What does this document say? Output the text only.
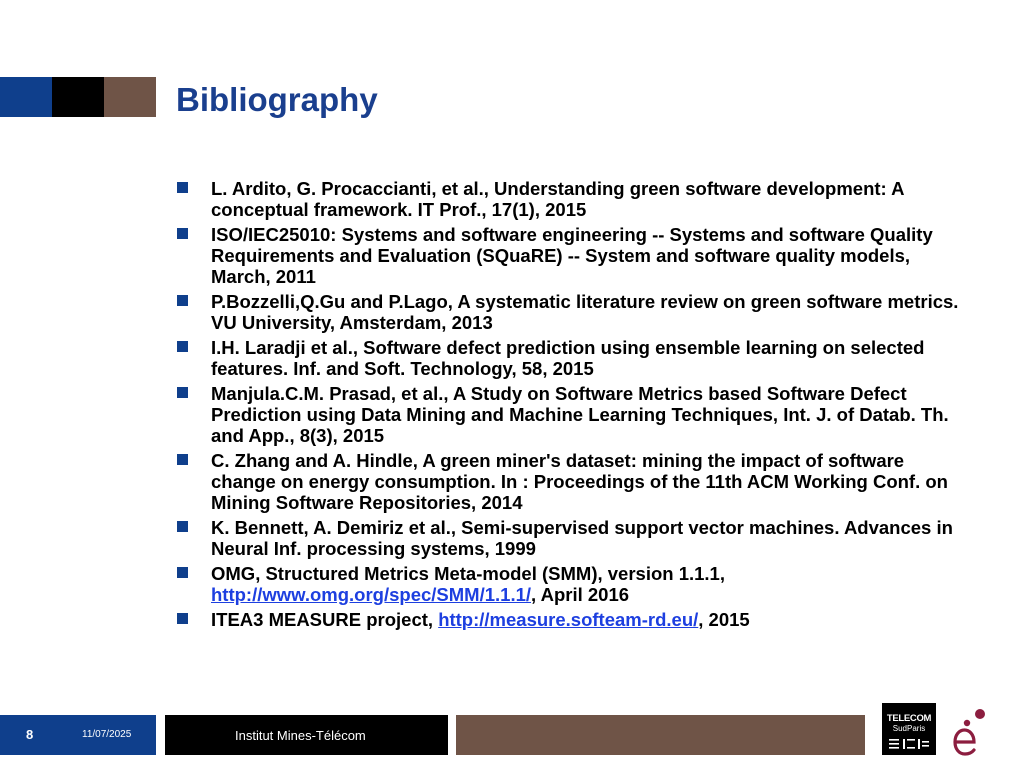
Bibliography
L. Ardito, G. Procaccianti, et al., Understanding green software development: A conceptual framework. IT Prof., 17(1), 2015
ISO/IEC25010: Systems and software engineering -- Systems and software Quality Requirements and Evaluation (SQuaRE) -- System and software quality models, March, 2011
P.Bozzelli,Q.Gu and P.Lago, A systematic literature review on green software metrics. VU University, Amsterdam, 2013
I.H. Laradji et al., Software defect prediction using ensemble learning on selected features. Inf. and Soft. Technology, 58, 2015
Manjula.C.M. Prasad, et al., A Study on Software Metrics based Software Defect Prediction using Data Mining and Machine Learning Techniques, Int. J. of Datab. Th. and App., 8(3), 2015
C. Zhang and A. Hindle, A green miner's dataset: mining the impact of software change on energy consumption. In : Proceedings of the 11th ACM Working Conf. on Mining Software Repositories, 2014
K. Bennett, A. Demiriz et al., Semi-supervised support vector machines. Advances in Neural Inf. processing systems, 1999
OMG, Structured Metrics Meta-model (SMM), version 1.1.1, http://www.omg.org/spec/SMM/1.1.1/, April 2016
ITEA3 MEASURE project, http://measure.softeam-rd.eu/, 2015
8	11/07/2025	Institut Mines-Télécom
TELECOM
SudParis
